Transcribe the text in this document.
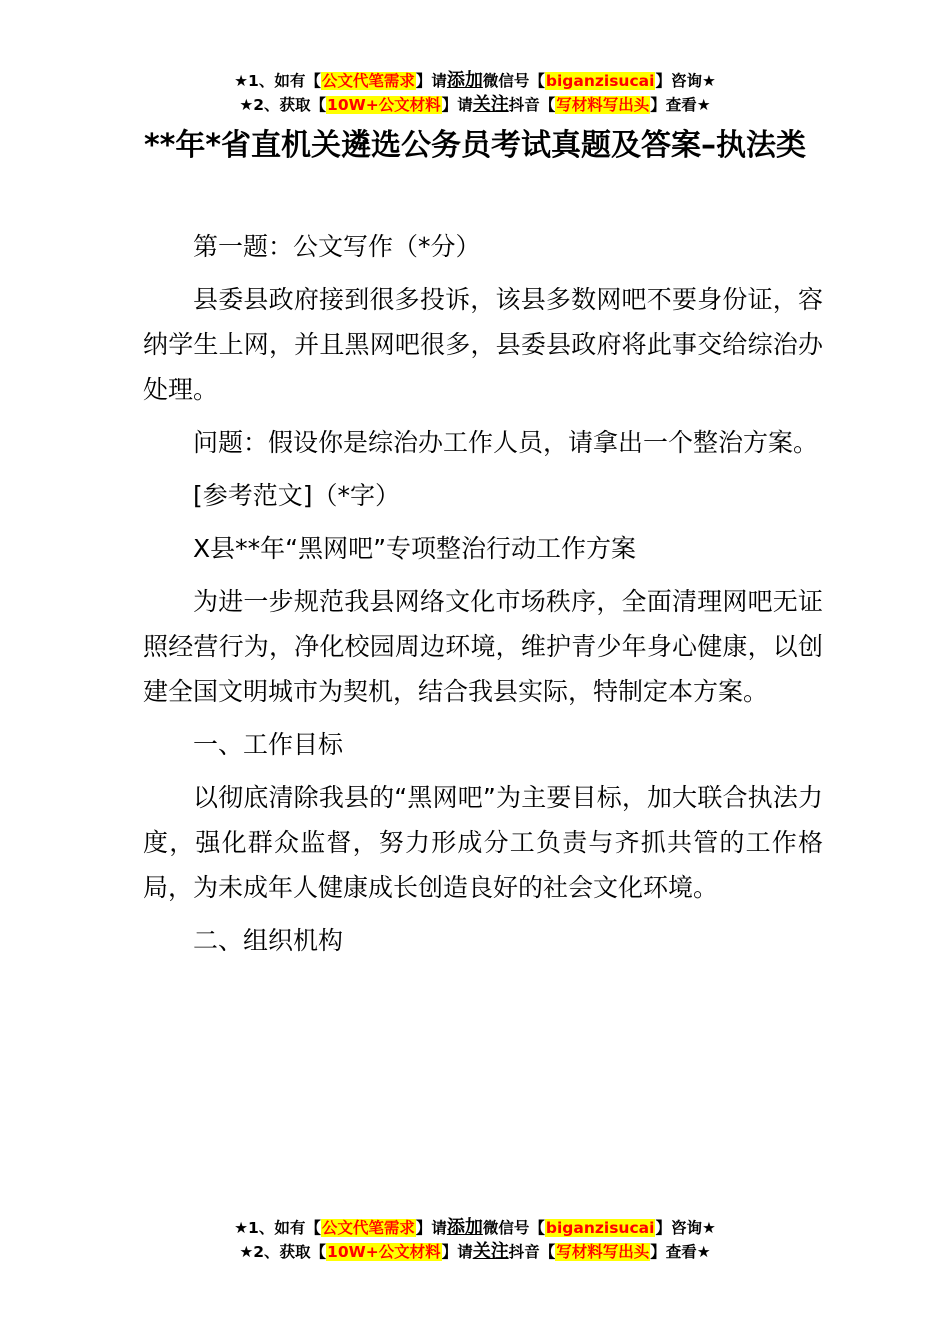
★1、如有【公文代笔需求】请添加微信号【biganzisucai】咨询★
★2、获取【10W+公文材料】请关注抖音【写材料写出头】查看★
**年*省直机关遴选公务员考试真题及答案–执法类

第一题：公文写作（*分）

县委县政府接到很多投诉，该县多数网吧不要身份证，容纳学生上网，并且黑网吧很多，县委县政府将此事交给综治办处理。

问题：假设你是综治办工作人员，请拿出一个整治方案。

[参考范文]（*字）

X县**年“黑网吧”专项整治行动工作方案

为进一步规范我县网络文化市场秩序，全面清理网吧无证照经营行为，净化校园周边环境，维护青少年身心健康，以创建全国文明城市为契机，结合我县实际，特制定本方案。

一、工作目标

以彻底清除我县的“黑网吧”为主要目标，加大联合执法力度，强化群众监督，努力形成分工负责与齐抓共管的工作格局，为未成年人健康成长创造良好的社会文化环境。

二、组织机构

★1、如有【公文代笔需求】请添加微信号【biganzisucai】咨询★
★2、获取【10W+公文材料】请关注抖音【写材料写出头】查看★
